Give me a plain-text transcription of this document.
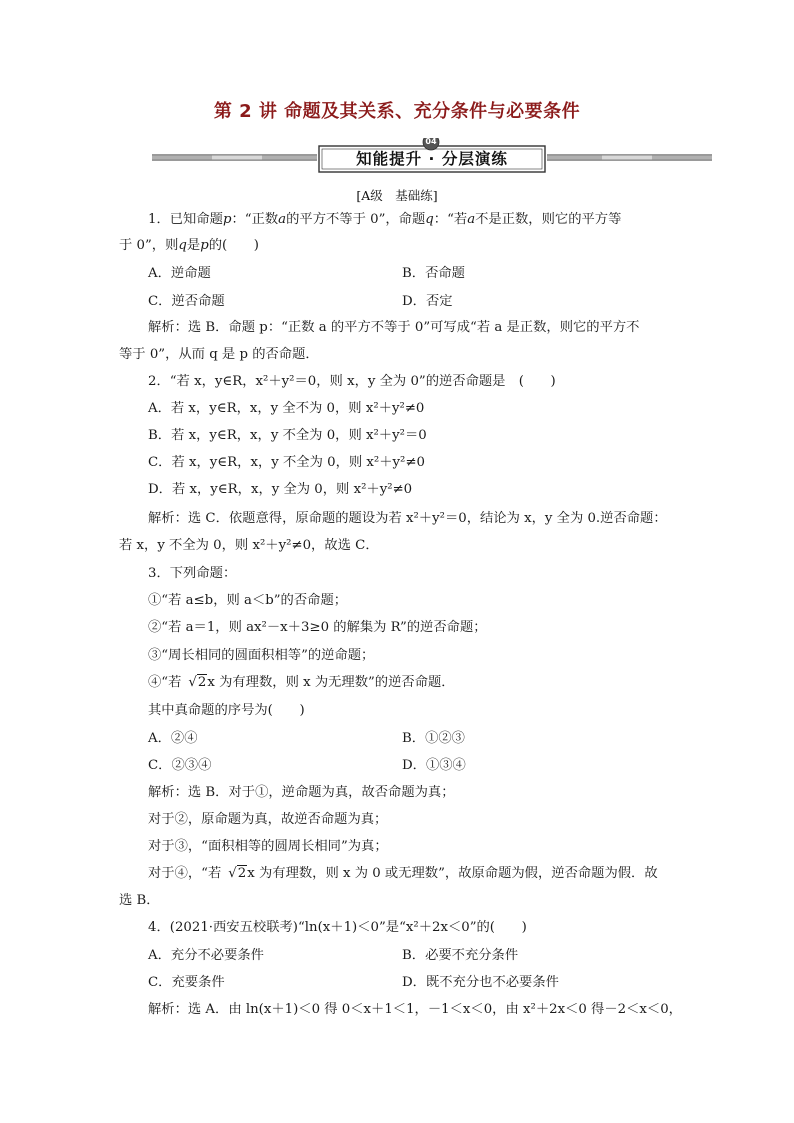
第 2 讲 命题及其关系、充分条件与必要条件
04
知能提升 · 分层演练
[A级　基础练]
1．已知命题p：“正数a的平方不等于 0”，命题q：“若a不是正数，则它的平方等
于 0”，则q是p的(　　)
A．逆命题	B．否命题
C．逆否命题	D．否定
解析：选 B．命题 p：“正数 a 的平方不等于 0”可写成“若 a 是正数，则它的平方不
等于 0”，从而 q 是 p 的否命题．
2．“若 x，y∈R，x²＋y²＝0，则 x，y 全为 0”的逆否命题是　(　　)
A．若 x，y∈R，x，y 全不为 0，则 x²＋y²≠0
B．若 x，y∈R，x，y 不全为 0，则 x²＋y²＝0
C．若 x，y∈R，x，y 不全为 0，则 x²＋y²≠0
D．若 x，y∈R，x，y 全为 0，则 x²＋y²≠0
解析：选 C．依题意得，原命题的题设为若 x²＋y²＝0，结论为 x，y 全为 0.逆否命题：
若 x，y 不全为 0，则 x²＋y²≠0，故选 C．
3．下列命题：
①“若 a≤b，则 a＜b”的否命题；
②“若 a＝1，则 ax²－x＋3≥0 的解集为 R”的逆否命题；
③“周长相同的圆面积相等”的逆命题；
④“若 √2x 为有理数，则 x 为无理数”的逆否命题．
其中真命题的序号为(　　)
A．②④	B．①②③
C．②③④	D．①③④
解析：选 B．对于①，逆命题为真，故否命题为真；
对于②，原命题为真，故逆否命题为真；
对于③，“面积相等的圆周长相同”为真；
对于④，“若 √2x 为有理数，则 x 为 0 或无理数”，故原命题为假，逆否命题为假．故
选 B．
4．(2021·西安五校联考)“ln(x＋1)＜0”是“x²＋2x＜0”的(　　)
A．充分不必要条件	B．必要不充分条件
C．充要条件	D．既不充分也不必要条件
解析：选 A．由 ln(x＋1)＜0 得 0＜x＋1＜1，－1＜x＜0，由 x²＋2x＜0 得－2＜x＜0，
